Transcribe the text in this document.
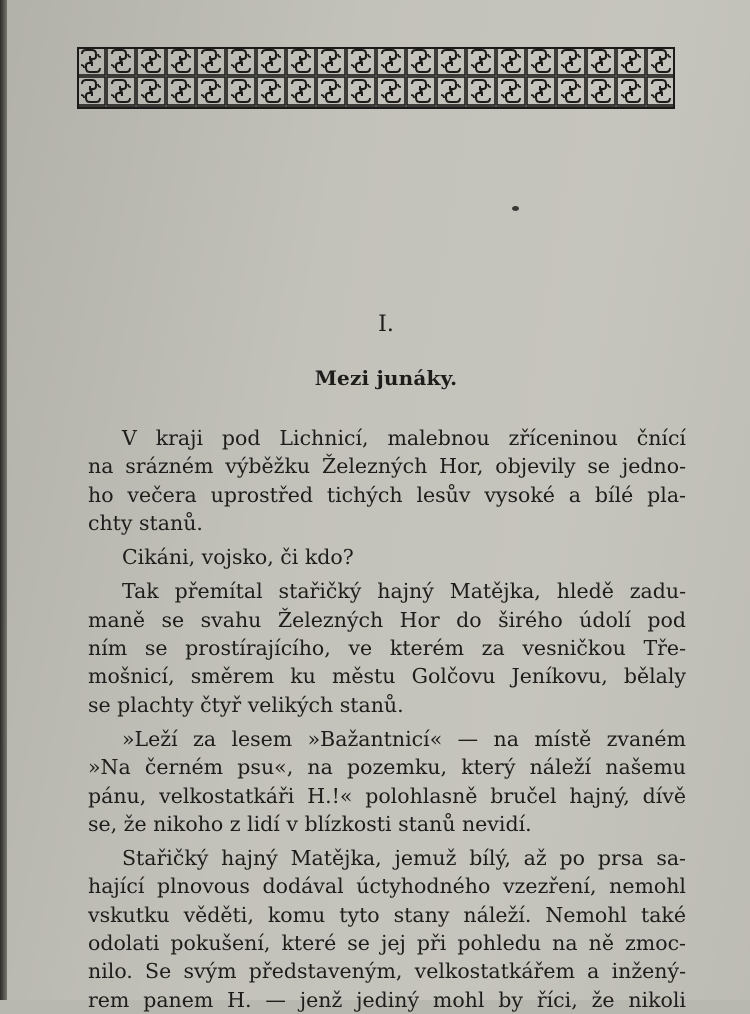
I.
Mezi junáky.
V kraji pod Lichnicí, malebnou zříceninou čnící
na srázném výběžku Železných Hor, objevily se jedno-
ho večera uprostřed tichých lesův vysoké a bílé pla-
chty stanů.
Cikáni, vojsko, či kdo?
Tak přemítal stařičký hajný Matějka, hledě zadu-
maně se svahu Železných Hor do širého údolí pod
ním se prostírajícího, ve kterém za vesničkou Tře-
mošnicí, směrem ku městu Golčovu Jeníkovu, bělaly
se plachty čtyř velikých stanů.
»Leží za lesem »Bažantnicí« — na místě zvaném
»Na černém psu«, na pozemku, který náleží našemu
pánu, velkostatkáři H.!« polohlasně bručel hajný, dívě
se, že nikoho z lidí v blízkosti stanů nevidí.
Stařičký hajný Matějka, jemuž bílý, až po prsa sa-
hající plnovous dodával úctyhodného vzezření, nemohl
vskutku věděti, komu tyto stany náleží. Nemohl také
odolati pokušení, které se jej při pohledu na ně zmoc-
nilo. Se svým představeným, velkostatkářem a inžený-
rem panem H. — jenž jediný mohl by říci, že nikoli
